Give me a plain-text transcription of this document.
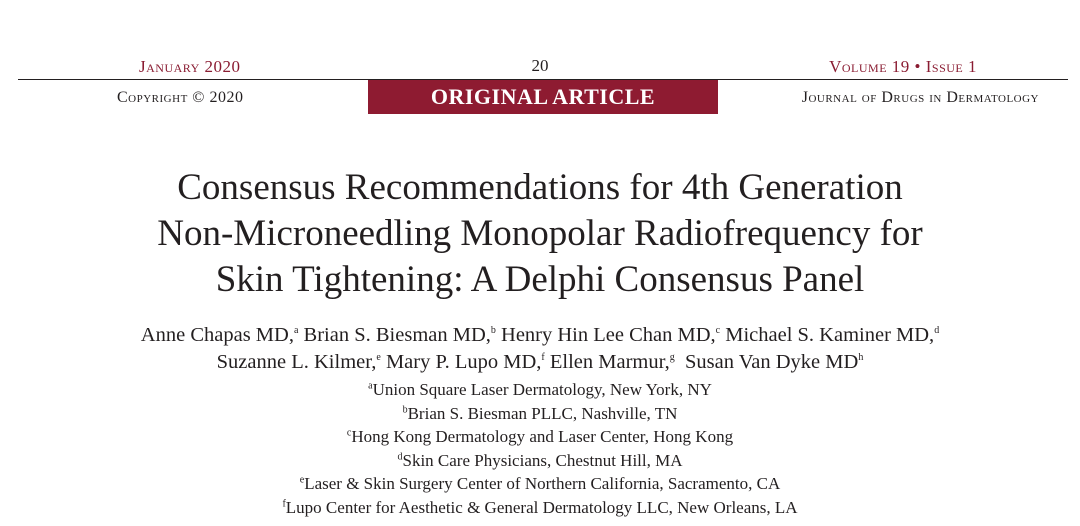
January 2020	20	Volume 19 • Issue 1
Copyright © 2020	ORIGINAL ARTICLE	Journal of Drugs in Dermatology
Consensus Recommendations for 4th Generation
Non-Microneedling Monopolar Radiofrequency for
Skin Tightening: A Delphi Consensus Panel
Anne Chapas MD,$^a$ Brian S. Biesman MD,$^b$ Henry Hin Lee Chan MD,$^c$ Michael S. Kaminer MD,$^d$
Suzanne L. Kilmer,$^e$ Mary P. Lupo MD,$^f$ Ellen Marmur,$^g$ Susan Van Dyke $MD^h$
$^a$Union Square Laser Dermatology, New York, NY
$^b$Brian S. Biesman PLLC, Nashville, TN
$^c$Hong Kong Dermatology and Laser Center, Hong Kong
$^d$Skin Care Physicians, Chestnut Hill, MA
$^e$Laser & Skin Surgery Center of Northern California, Sacramento, CA
$^f$Lupo Center for Aesthetic & General Dermatology LLC, New Orleans, LA
